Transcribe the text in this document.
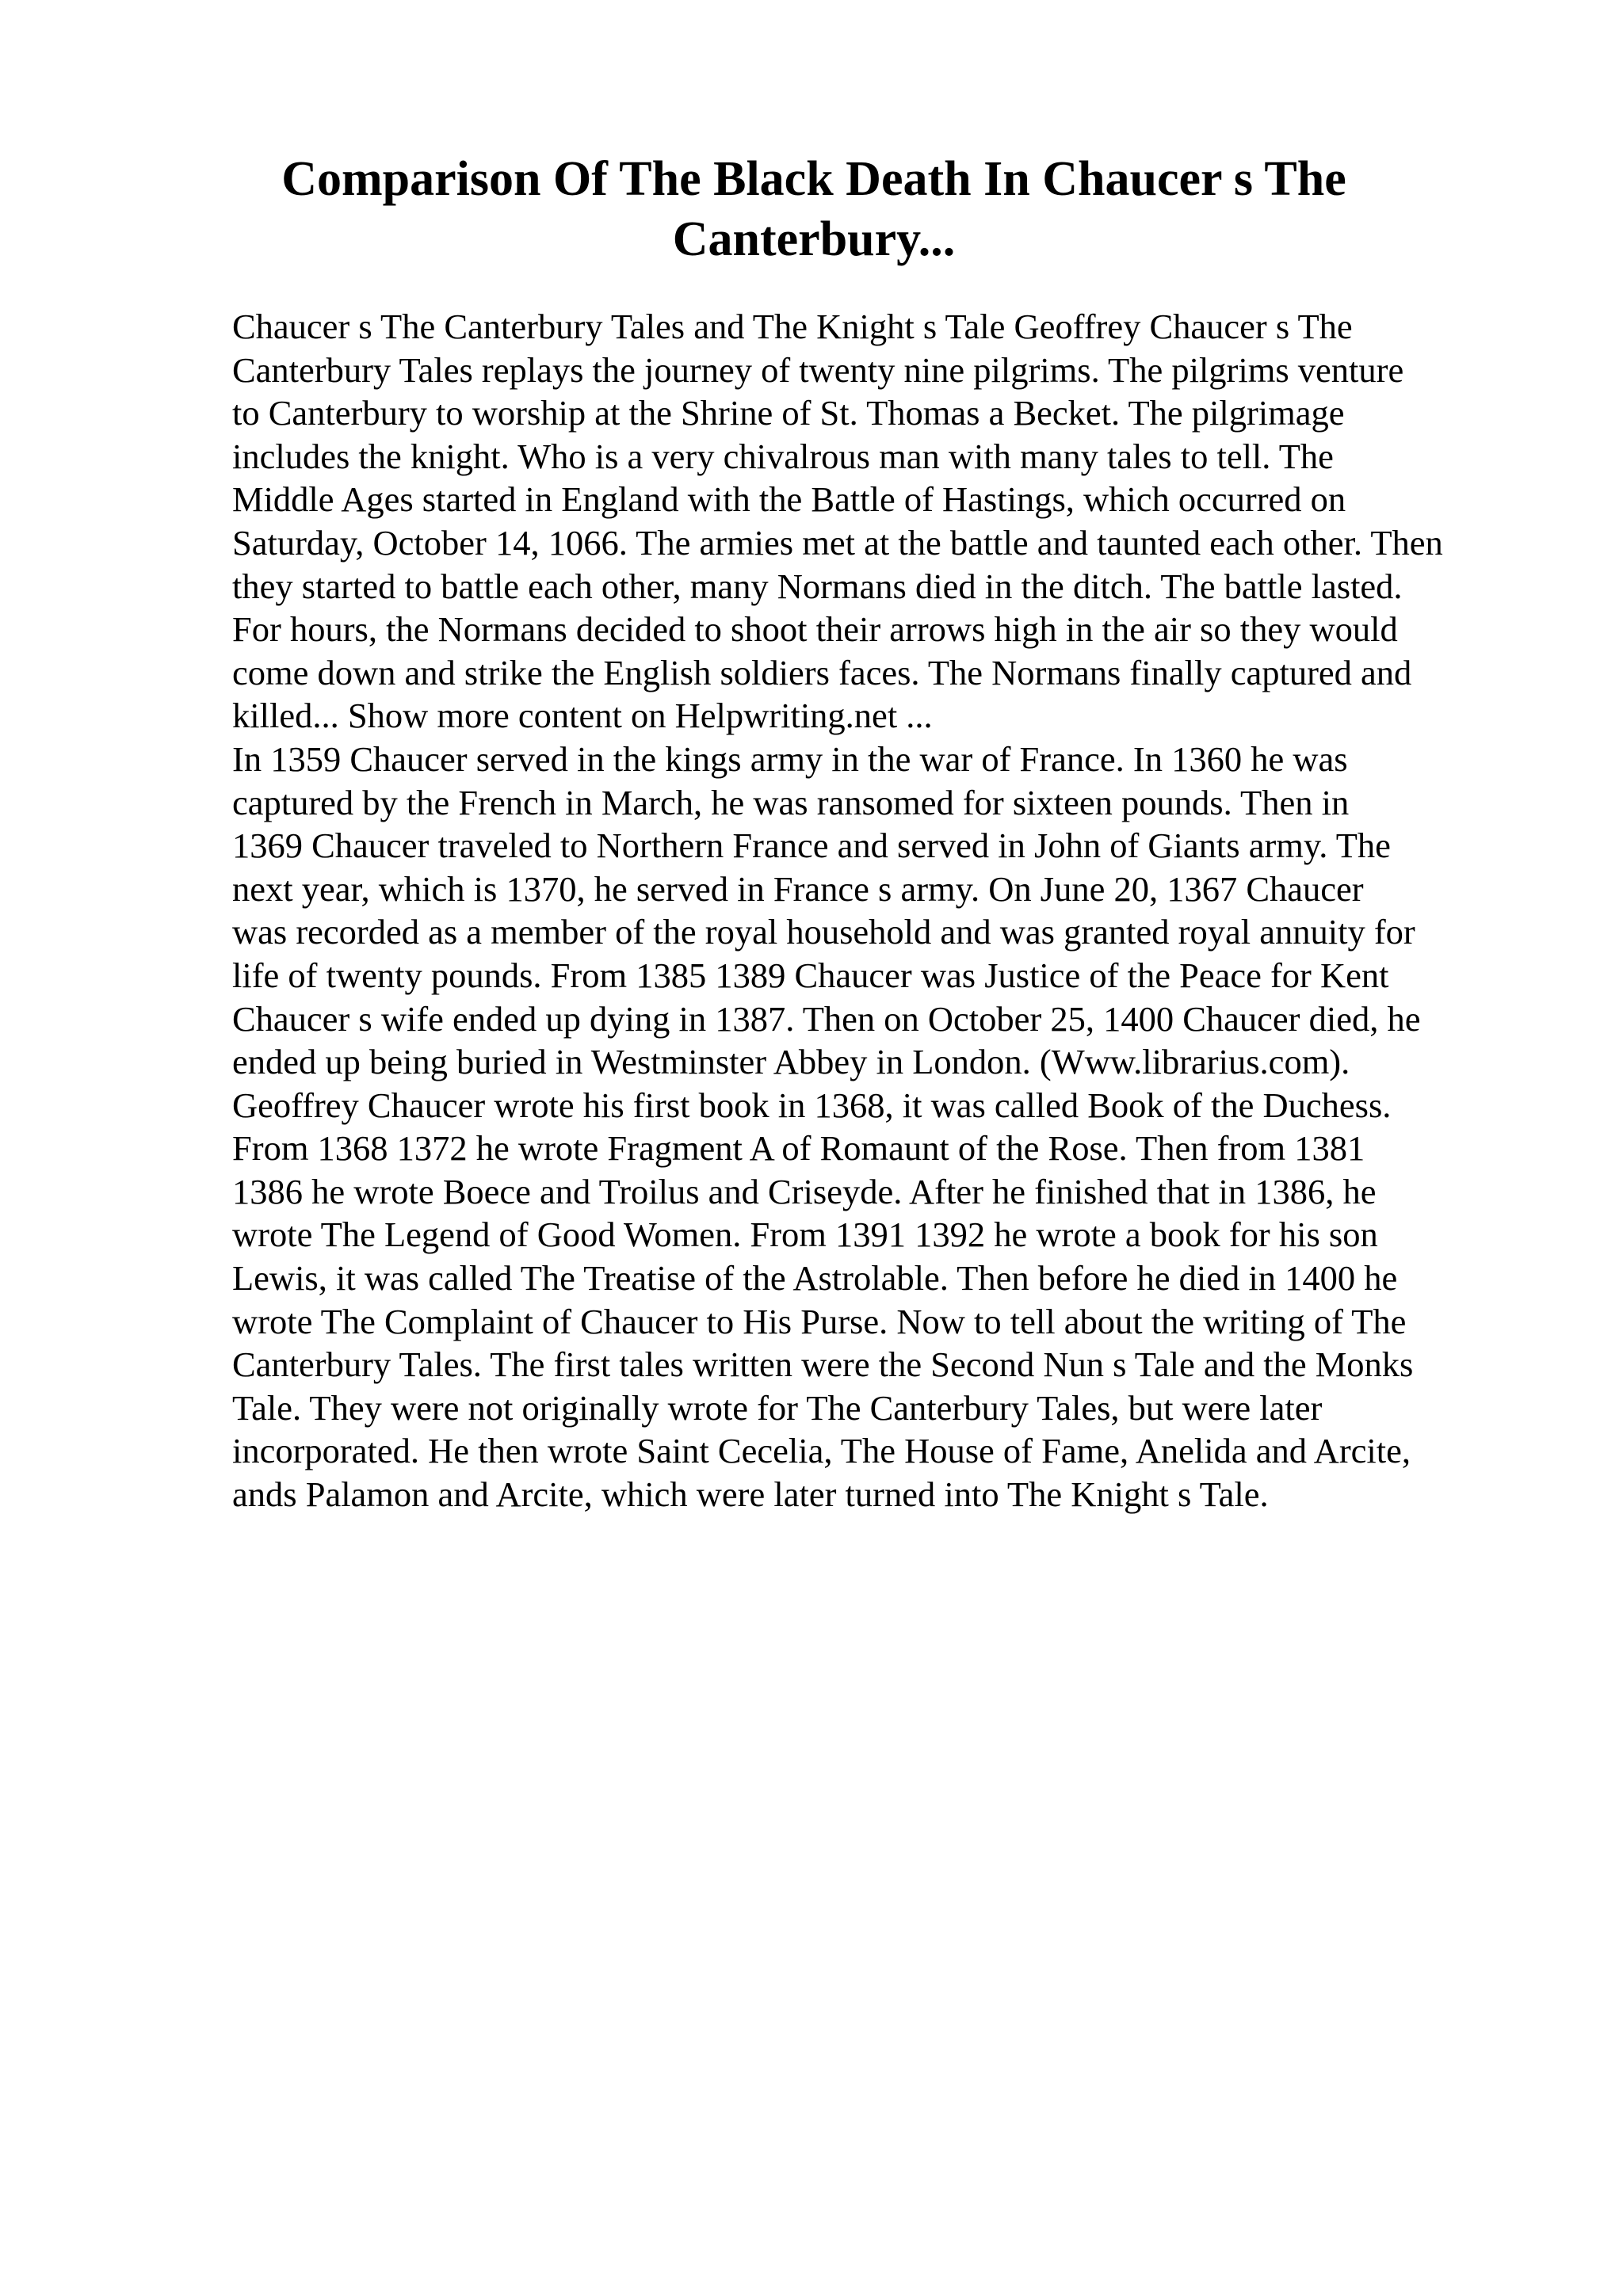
Comparison Of The Black Death In Chaucer s The
Canterbury...
Chaucer s The Canterbury Tales and The Knight s Tale Geoffrey Chaucer s The
Canterbury Tales replays the journey of twenty nine pilgrims. The pilgrims venture
to Canterbury to worship at the Shrine of St. Thomas a Becket. The pilgrimage
includes the knight. Who is a very chivalrous man with many tales to tell. The
Middle Ages started in England with the Battle of Hastings, which occurred on
Saturday, October 14, 1066. The armies met at the battle and taunted each other. Then
they started to battle each other, many Normans died in the ditch. The battle lasted.
For hours, the Normans decided to shoot their arrows high in the air so they would
come down and strike the English soldiers faces. The Normans finally captured and
killed... Show more content on Helpwriting.net ...
In 1359 Chaucer served in the kings army in the war of France. In 1360 he was
captured by the French in March, he was ransomed for sixteen pounds. Then in
1369 Chaucer traveled to Northern France and served in John of Giants army. The
next year, which is 1370, he served in France s army. On June 20, 1367 Chaucer
was recorded as a member of the royal household and was granted royal annuity for
life of twenty pounds. From 1385 1389 Chaucer was Justice of the Peace for Kent
Chaucer s wife ended up dying in 1387. Then on October 25, 1400 Chaucer died, he
ended up being buried in Westminster Abbey in London. (Www.librarius.com).
Geoffrey Chaucer wrote his first book in 1368, it was called Book of the Duchess.
From 1368 1372 he wrote Fragment A of Romaunt of the Rose. Then from 1381
1386 he wrote Boece and Troilus and Criseyde. After he finished that in 1386, he
wrote The Legend of Good Women. From 1391 1392 he wrote a book for his son
Lewis, it was called The Treatise of the Astrolable. Then before he died in 1400 he
wrote The Complaint of Chaucer to His Purse. Now to tell about the writing of The
Canterbury Tales. The first tales written were the Second Nun s Tale and the Monks
Tale. They were not originally wrote for The Canterbury Tales, but were later
incorporated. He then wrote Saint Cecelia, The House of Fame, Anelida and Arcite,
ands Palamon and Arcite, which were later turned into The Knight s Tale.
